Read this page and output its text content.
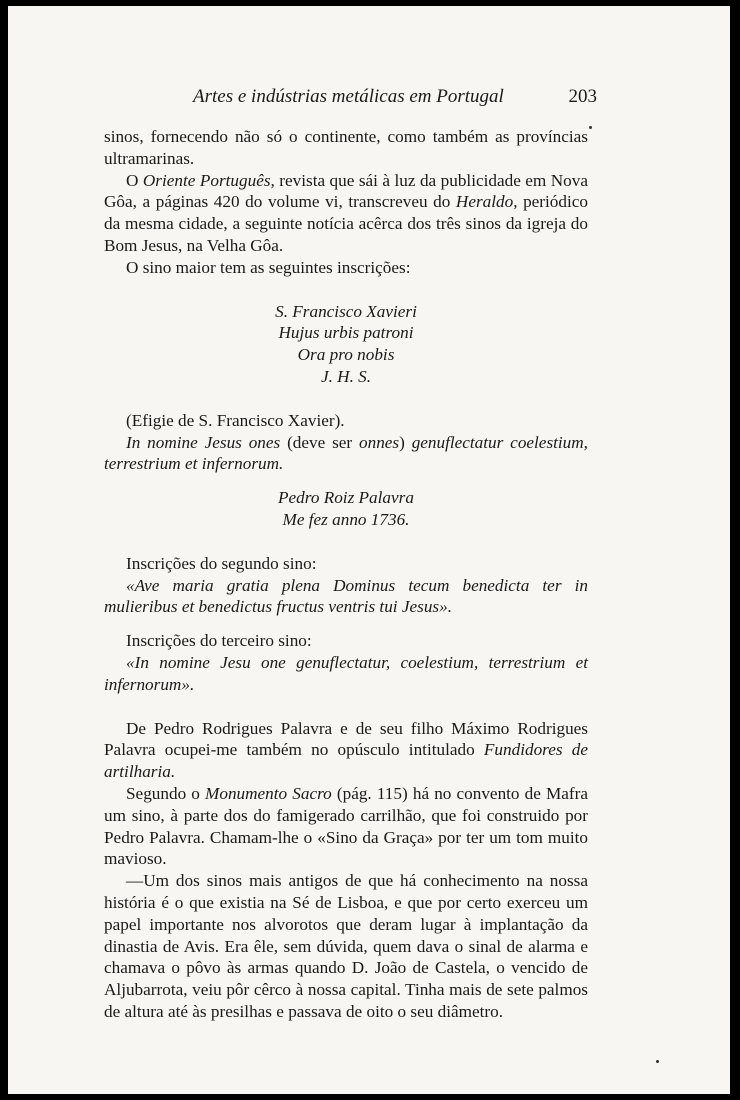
Artes e indústrias metálicas em Portugal	203

sinos, fornecendo não só o continente, como também as províncias ultramarinas.

O Oriente Português, revista que sái à luz da publicidade em Nova Gôa, a páginas 420 do volume vi, transcreveu do Heraldo, periódico da mesma cidade, a seguinte notícia acêrca dos três sinos da igreja do Bom Jesus, na Velha Gôa.

O sino maior tem as seguintes inscrições:

S. Francisco Xavieri
Hujus urbis patroni
Ora pro nobis
J. H. S.

(Efigie de S. Francisco Xavier).

In nomine Jesus ones (deve ser onnes) genuflectatur coelestium, terrestrium et infernorum.

Pedro Roiz Palavra
Me fez anno 1736.

Inscrições do segundo sino:

«Ave maria gratia plena Dominus tecum benedicta ter in mulieribus et benedictus fructus ventris tui Jesus».

Inscrições do terceiro sino:

«In nomine Jesu one genuflectatur, coelestium, terrestrium et infernorum».

De Pedro Rodrigues Palavra e de seu filho Máximo Rodrigues Palavra ocupei-me também no opúsculo intitulado Fundidores de artilharia.

Segundo o Monumento Sacro (pág. 115) há no convento de Mafra um sino, à parte dos do famigerado carrilhão, que foi construido por Pedro Palavra. Chamam-lhe o «Sino da Graça» por ter um tom muito mavioso.

—Um dos sinos mais antigos de que há conhecimento na nossa história é o que existia na Sé de Lisboa, e que por certo exerceu um papel importante nos alvorotos que deram lugar à implantação da dinastia de Avis. Era êle, sem dúvida, quem dava o sinal de alarma e chamava o pôvo às armas quando D. João de Castela, o vencido de Aljubarrota, veiu pôr cêrco à nossa capital. Tinha mais de sete palmos de altura até às presilhas e passava de oito o seu diâmetro.
